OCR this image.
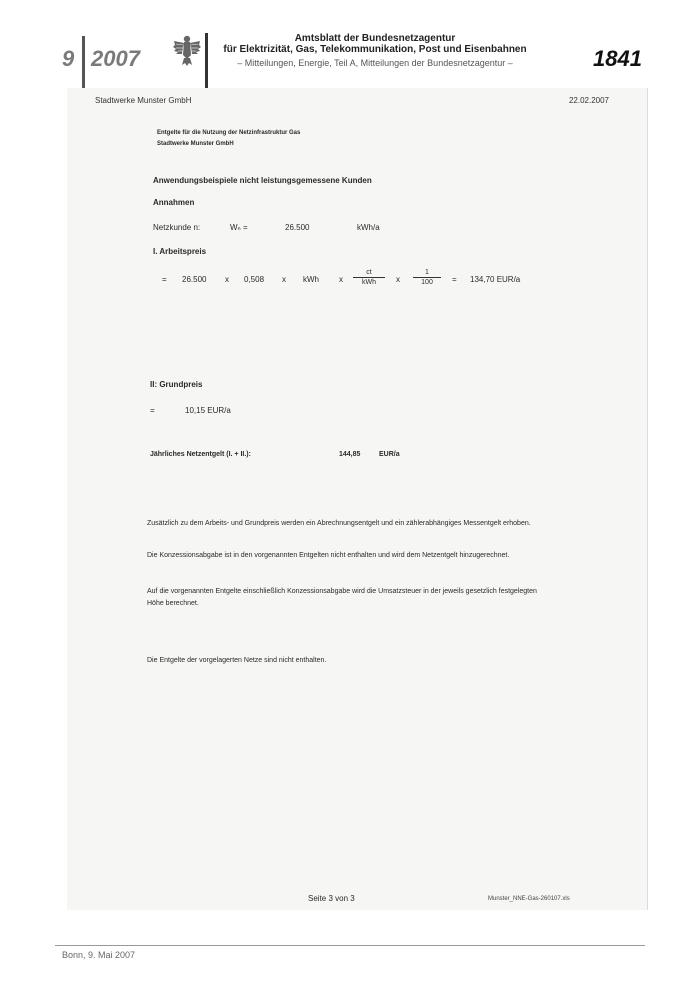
9 2007
Amtsblatt der Bundesnetzagentur
für Elektrizität, Gas, Telekommunikation, Post und Eisenbahnen
– Mitteilungen, Energie, Teil A, Mitteilungen der Bundesnetzagentur –	1841
Stadtwerke Munster GmbH	22.02.2007
Entgelte für die Nutzung der Netzinfrastruktur Gas
Stadtwerke Munster GmbH
Anwendungsbeispiele nicht leistungsgemessene Kunden
Annahmen
Netzkunde n:	Wₙ =	26.500	kWh/a
I. Arbeitspreis
= 26.500 x 0,508 x kWh	x
ct
kWh	x $\frac{1}{100} = 134,70$ EUR/a
II: Grundpreis
=	10,15 EUR/a
Jährliches Netzentgelt (I. + II.):	144,85	EUR/a
Zusätzlich zu dem Arbeits- und Grundpreis werden ein Abrechnungsentgelt und ein zählerabhängiges Messentgelt erhoben.
Die Konzessionsabgabe ist in den vorgenannten Entgelten nicht enthalten und wird dem Netzentgelt hinzugerechnet.
Auf die vorgenannten Entgelte einschließlich Konzessionsabgabe wird die Umsatzsteuer in der jeweils gesetzlich festgelegten Höhe berechnet.
Die Entgelte der vorgelagerten Netze sind nicht enthalten.
Seite 3 von 3	Munster_NNE-Gas-260107.xls
Bonn, 9. Mai 2007
